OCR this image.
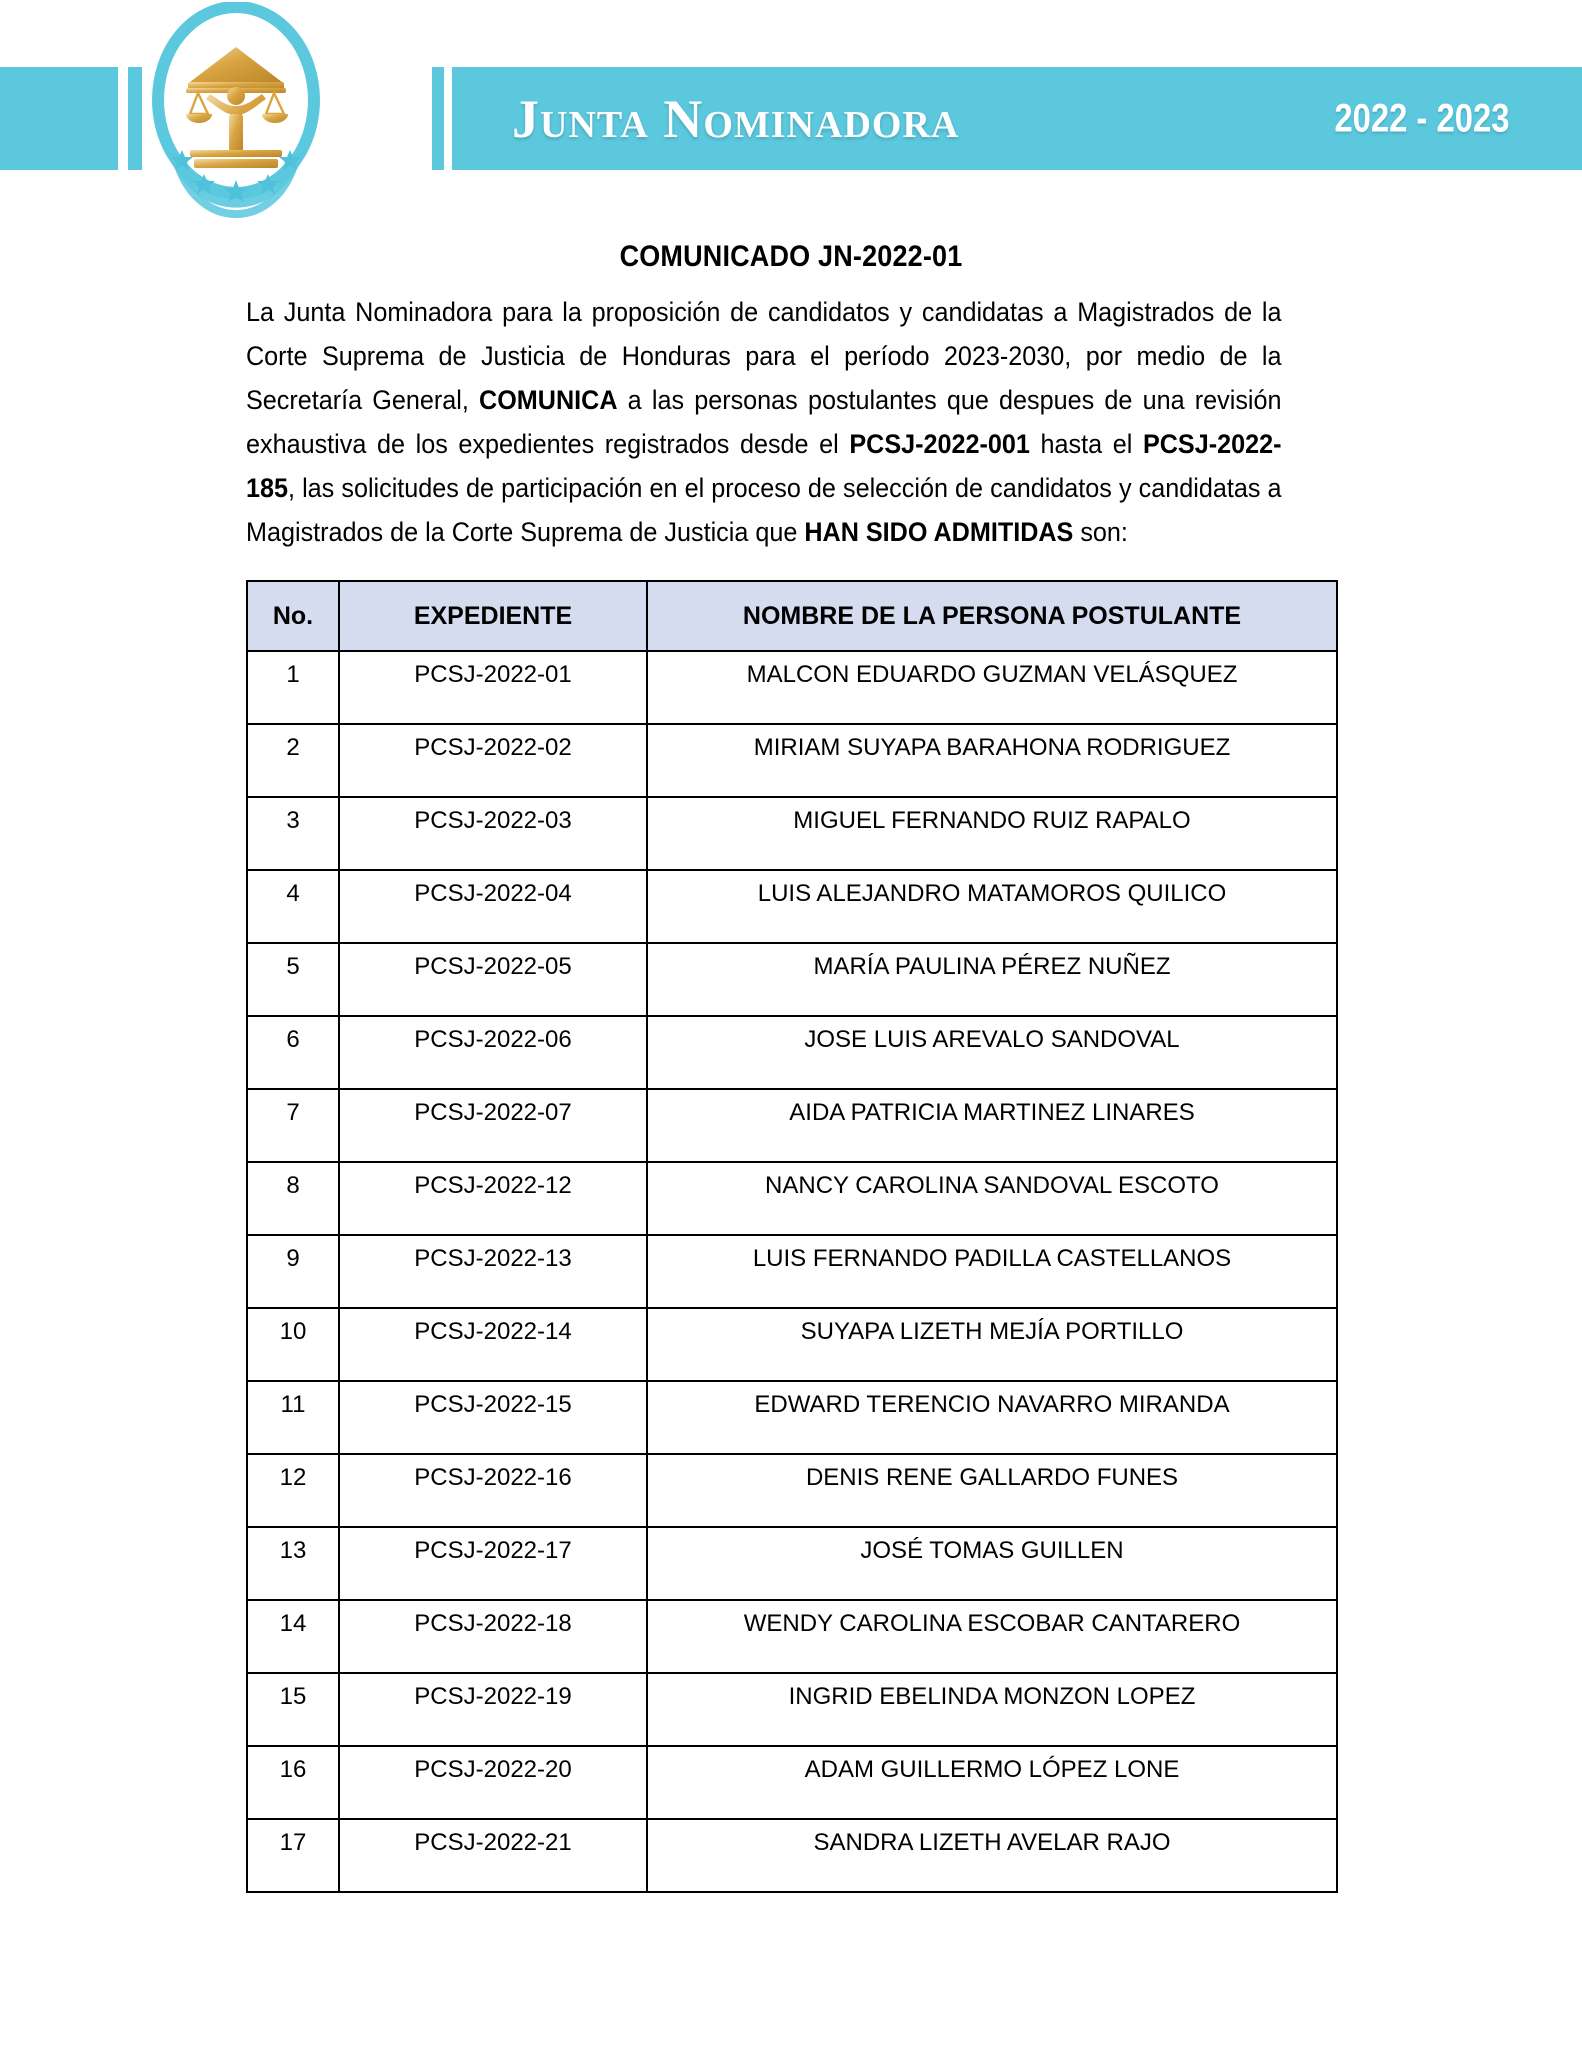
Junta Nominadora	2022 - 2023
COMUNICADO JN-2022-01

La Junta Nominadora para la proposición de candidatos y candidatas a Magistrados de la Corte Suprema de Justicia de Honduras para el período 2023-2030, por medio de la Secretaría General, COMUNICA a las personas postulantes que despues de una revisión exhaustiva de los expedientes registrados desde el PCSJ-2022-001 hasta el PCSJ-2022-185, las solicitudes de participación en el proceso de selección de candidatos y candidatas a Magistrados de la Corte Suprema de Justicia que HAN SIDO ADMITIDAS son:

No.	EXPEDIENTE	NOMBRE DE LA PERSONA POSTULANTE
1	PCSJ-2022-01	MALCON EDUARDO GUZMAN VELÁSQUEZ
2	PCSJ-2022-02	MIRIAM SUYAPA BARAHONA RODRIGUEZ
3	PCSJ-2022-03	MIGUEL FERNANDO RUIZ RAPALO
4	PCSJ-2022-04	LUIS ALEJANDRO MATAMOROS QUILICO
5	PCSJ-2022-05	MARÍA PAULINA PÉREZ NUÑEZ
6	PCSJ-2022-06	JOSE LUIS AREVALO SANDOVAL
7	PCSJ-2022-07	AIDA PATRICIA MARTINEZ LINARES
8	PCSJ-2022-12	NANCY CAROLINA SANDOVAL ESCOTO
9	PCSJ-2022-13	LUIS FERNANDO PADILLA CASTELLANOS
10	PCSJ-2022-14	SUYAPA LIZETH MEJÍA PORTILLO
11	PCSJ-2022-15	EDWARD TERENCIO NAVARRO MIRANDA
12	PCSJ-2022-16	DENIS RENE GALLARDO FUNES
13	PCSJ-2022-17	JOSÉ TOMAS GUILLEN
14	PCSJ-2022-18	WENDY CAROLINA ESCOBAR CANTARERO
15	PCSJ-2022-19	INGRID EBELINDA MONZON LOPEZ
16	PCSJ-2022-20	ADAM GUILLERMO LÓPEZ LONE
17	PCSJ-2022-21	SANDRA LIZETH AVELAR RAJO
